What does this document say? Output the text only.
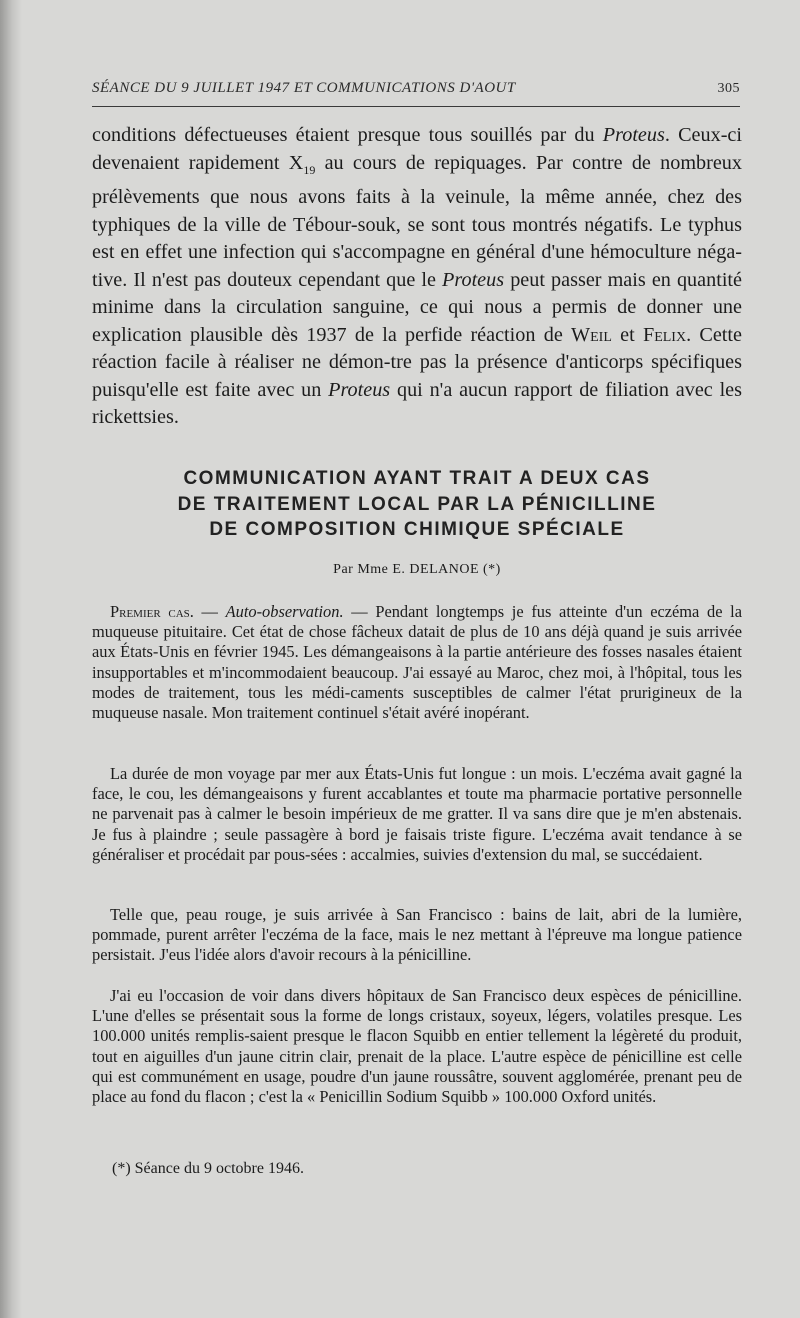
SÉANCE DU 9 JUILLET 1947 ET COMMUNICATIONS D'AOUT	305

conditions défectueuses étaient presque tous souillés par du Proteus. Ceux-ci devenaient rapidement $X_{19}$ au cours de repiquages. Par contre de nombreux prélèvements que nous avons faits à la veinule, la même année, chez des typhiques de la ville de Tébour-souk, se sont tous montrés négatifs. Le typhus est en effet une infection qui s'accompagne en général d'une hémoculture néga-tive. Il n'est pas douteux cependant que le Proteus peut passer mais en quantité minime dans la circulation sanguine, ce qui nous a permis de donner une explication plausible dès 1937 de la perfide réaction de Weil et Felix. Cette réaction facile à réaliser ne démon-tre pas la présence d'anticorps spécifiques puisqu'elle est faite avec un Proteus qui n'a aucun rapport de filiation avec les rickettsies.

COMMUNICATION AYANT TRAIT A DEUX CAS
DE TRAITEMENT LOCAL PAR LA PÉNICILLINE
DE COMPOSITION CHIMIQUE SPÉCIALE
Par Mme E. DELANOE (*)

Premier cas. — Auto-observation. — Pendant longtemps je fus atteinte d'un eczéma de la muqueuse pituitaire. Cet état de chose fâcheux datait de plus de 10 ans déjà quand je suis arrivée aux États-Unis en février 1945. Les démangeaisons à la partie antérieure des fosses nasales étaient insupportables et m'incommodaient beaucoup. J'ai essayé au Maroc, chez moi, à l'hôpital, tous les modes de traitement, tous les médi-caments susceptibles de calmer l'état prurigineux de la muqueuse nasale. Mon traitement continuel s'était avéré inopérant.

La durée de mon voyage par mer aux États-Unis fut longue : un mois. L'eczéma avait gagné la face, le cou, les démangeaisons y furent accablantes et toute ma pharmacie portative personnelle ne parvenait pas à calmer le besoin impérieux de me gratter. Il va sans dire que je m'en abstenais. Je fus à plaindre ; seule passagère à bord je faisais triste figure. L'eczéma avait tendance à se généraliser et procédait par pous-sées : accalmies, suivies d'extension du mal, se succédaient.

Telle que, peau rouge, je suis arrivée à San Francisco : bains de lait, abri de la lumière, pommade, purent arrêter l'eczéma de la face, mais le nez mettant à l'épreuve ma longue patience persistait. J'eus l'idée alors d'avoir recours à la pénicilline.

J'ai eu l'occasion de voir dans divers hôpitaux de San Francisco deux espèces de pénicilline. L'une d'elles se présentait sous la forme de longs cristaux, soyeux, légers, volatiles presque. Les 100.000 unités remplis-saient presque le flacon Squibb en entier tellement la légèreté du produit, tout en aiguilles d'un jaune citrin clair, prenait de la place. L'autre espèce de pénicilline est celle qui est communément en usage, poudre d'un jaune roussâtre, souvent agglomérée, prenant peu de place au fond du flacon ; c'est la « Penicillin Sodium Squibb » 100.000 Oxford unités.

(*) Séance du 9 octobre 1946.
